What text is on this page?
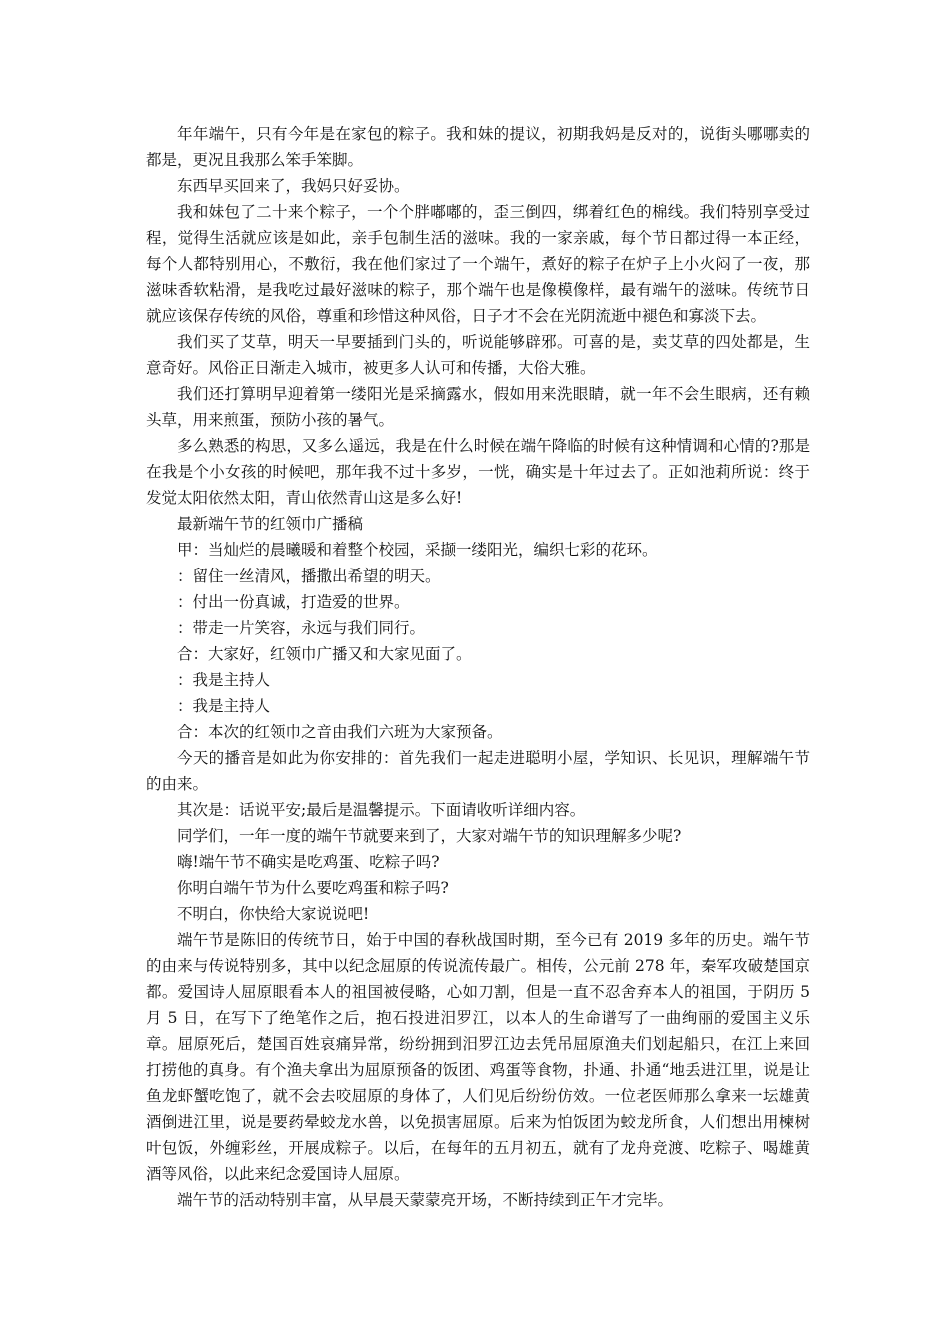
年年端午，只有今年是在家包的粽子。我和妹的提议，初期我妈是反对的，说街头哪哪卖的都是，更况且我那么笨手笨脚。

东西早买回来了，我妈只好妥协。

我和妹包了二十来个粽子，一个个胖嘟嘟的，歪三倒四，绑着红色的棉线。我们特别享受过程，觉得生活就应该是如此，亲手包制生活的滋味。我的一家亲戚，每个节日都过得一本正经，每个人都特别用心，不敷衍，我在他们家过了一个端午，煮好的粽子在炉子上小火闷了一夜，那滋味香软粘滑，是我吃过最好滋味的粽子，那个端午也是像模像样，最有端午的滋味。传统节日就应该保存传统的风俗，尊重和珍惜这种风俗，日子才不会在光阴流逝中褪色和寡淡下去。

我们买了艾草，明天一早要插到门头的，听说能够辟邪。可喜的是，卖艾草的四处都是，生意奇好。风俗正日渐走入城市，被更多人认可和传播，大俗大雅。

我们还打算明早迎着第一缕阳光是采摘露水，假如用来洗眼睛，就一年不会生眼病，还有赖头草，用来煎蛋，预防小孩的暑气。

多么熟悉的构思，又多么遥远，我是在什么时候在端午降临的时候有这种情调和心情的?那是在我是个小女孩的时候吧，那年我不过十多岁，一恍，确实是十年过去了。正如池莉所说：终于发觉太阳依然太阳，青山依然青山这是多么好!

最新端午节的红领巾广播稿

甲：当灿烂的晨曦暖和着整个校园，采撷一缕阳光，编织七彩的花环。

：留住一丝清风，播撒出希望的明天。

：付出一份真诚，打造爱的世界。

：带走一片笑容，永远与我们同行。

合：大家好，红领巾广播又和大家见面了。

：我是主持人

：我是主持人

合：本次的红领巾之音由我们六班为大家预备。

今天的播音是如此为你安排的：首先我们一起走进聪明小屋，学知识、长见识，理解端午节的由来。

其次是：话说平安;最后是温馨提示。下面请收听详细内容。

同学们，一年一度的端午节就要来到了，大家对端午节的知识理解多少呢?

嗨!端午节不确实是吃鸡蛋、吃粽子吗?

你明白端午节为什么要吃鸡蛋和粽子吗?

不明白，你快给大家说说吧!

端午节是陈旧的传统节日，始于中国的春秋战国时期，至今已有 2019 多年的历史。端午节的由来与传说特别多，其中以纪念屈原的传说流传最广。相传，公元前 278 年，秦军攻破楚国京都。爱国诗人屈原眼看本人的祖国被侵略，心如刀割，但是一直不忍舍弃本人的祖国，于阴历 5 月 5 日，在写下了绝笔作之后，抱石投进汨罗江，以本人的生命谱写了一曲绚丽的爱国主义乐章。屈原死后，楚国百姓哀痛异常，纷纷拥到汨罗江边去凭吊屈原渔夫们划起船只，在江上来回打捞他的真身。有个渔夫拿出为屈原预备的饭团、鸡蛋等食物，扑通、扑通“地丢进江里，说是让鱼龙虾蟹吃饱了，就不会去咬屈原的身体了，人们见后纷纷仿效。一位老医师那么拿来一坛雄黄酒倒进江里，说是要药晕蛟龙水兽，以免损害屈原。后来为怕饭团为蛟龙所食，人们想出用楝树叶包饭，外缠彩丝，开展成粽子。以后，在每年的五月初五，就有了龙舟竞渡、吃粽子、喝雄黄酒等风俗，以此来纪念爱国诗人屈原。

端午节的活动特别丰富，从早晨天蒙蒙亮开场，不断持续到正午才完毕。
